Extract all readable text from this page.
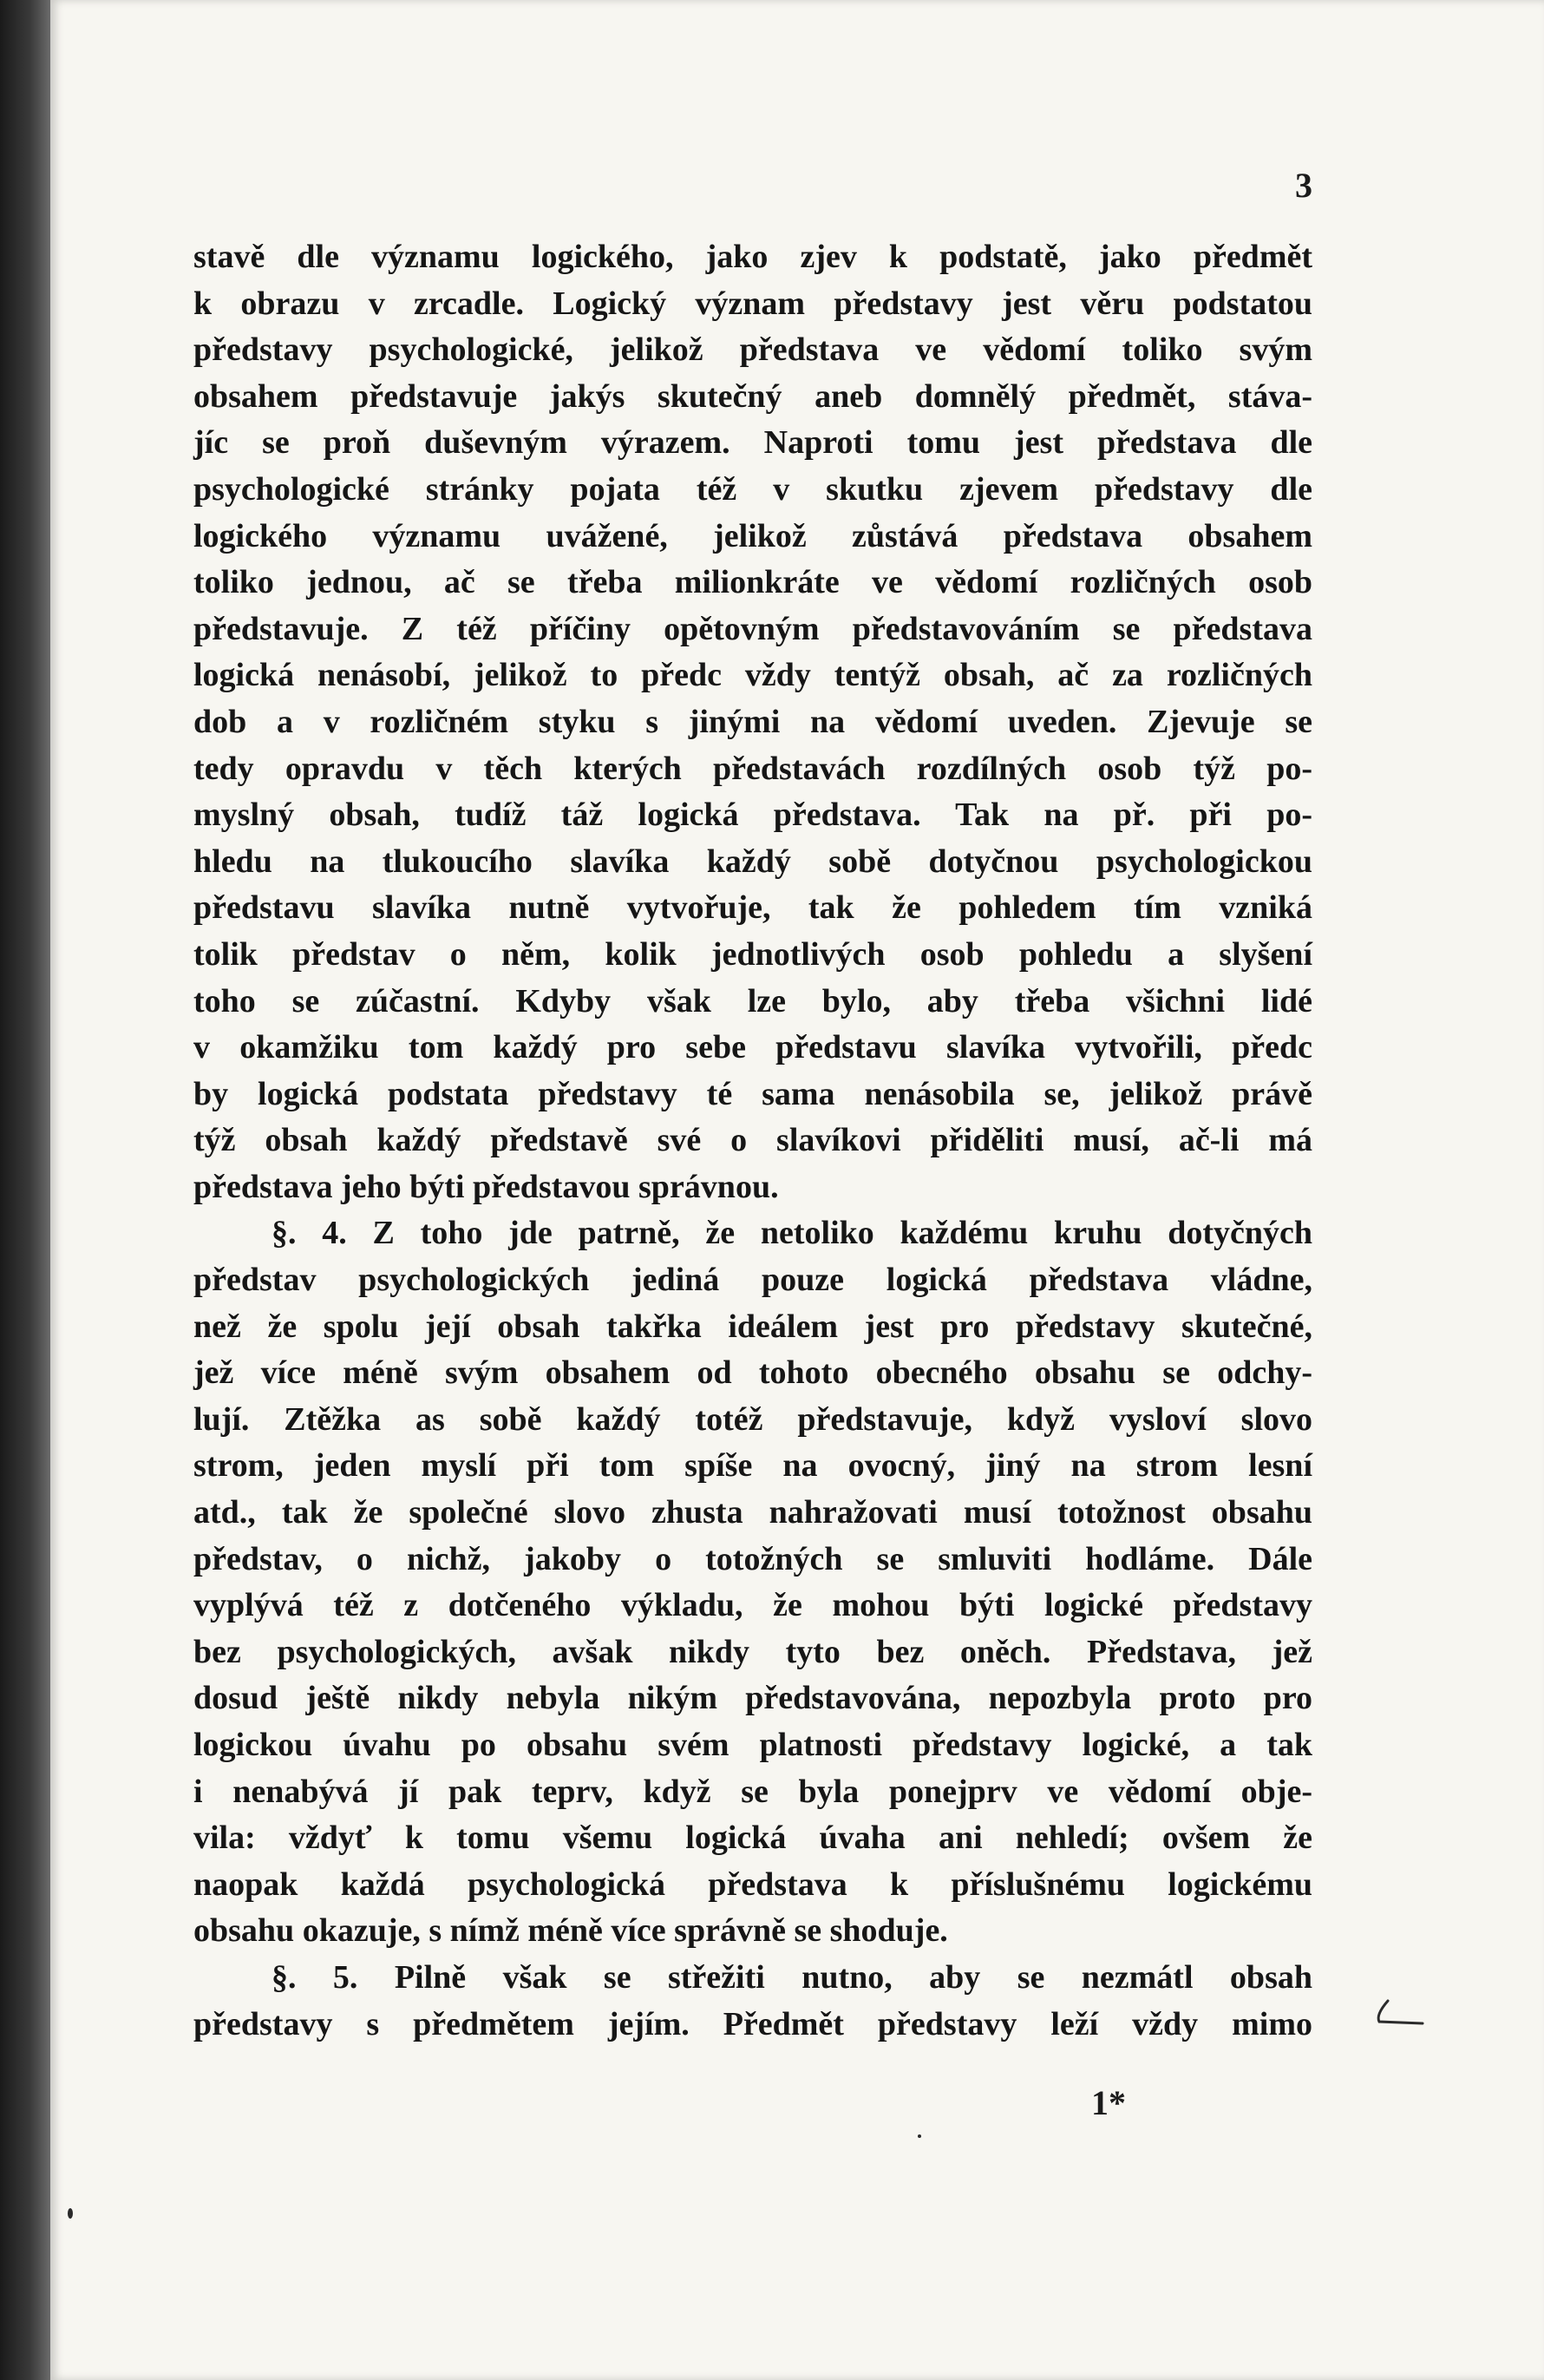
3
stavě dle významu logického, jako zjev k podstatě, jako předmět
k obrazu v zrcadle. Logický význam představy jest věru podstatou
představy psychologické, jelikož představa ve vědomí toliko svým
obsahem představuje jakýs skutečný aneb domnělý předmět, stáva-
jíc se proň duševným výrazem. Naproti tomu jest představa dle
psychologické stránky pojata též v skutku zjevem představy dle
logického významu uvážené, jelikož zůstává představa obsahem
toliko jednou, ač se třeba milionkráte ve vědomí rozličných osob
představuje. Z též příčiny opětovným představováním se představa
logická nenásobí, jelikož to předc vždy tentýž obsah, ač za rozličných
dob a v rozličném styku s jinými na vědomí uveden. Zjevuje se
tedy opravdu v těch kterých představách rozdílných osob týž po-
myslný obsah, tudíž táž logická představa. Tak na př. při po-
hledu na tlukoucího slavíka každý sobě dotyčnou psychologickou
představu slavíka nutně vytvořuje, tak že pohledem tím vzniká
tolik představ o něm, kolik jednotlivých osob pohledu a slyšení
toho se zúčastní. Kdyby však lze bylo, aby třeba všichni lidé
v okamžiku tom každý pro sebe představu slavíka vytvořili, předc
by logická podstata představy té sama nenásobila se, jelikož právě
týž obsah každý představě své o slavíkovi přiděliti musí, ač-li má
představa jeho býti představou správnou.
§. 4. Z toho jde patrně, že netoliko každému kruhu dotyčných
představ psychologických jediná pouze logická představa vládne,
než že spolu její obsah takřka ideálem jest pro představy skutečné,
jež více méně svým obsahem od tohoto obecného obsahu se odchy-
lují. Ztěžka as sobě každý totéž představuje, když vysloví slovo
strom, jeden myslí při tom spíše na ovocný, jiný na strom lesní
atd., tak že společné slovo zhusta nahražovati musí totožnost obsahu
představ, o nichž, jakoby o totožných se smluviti hodláme. Dále
vyplývá též z dotčeného výkladu, že mohou býti logické představy
bez psychologických, avšak nikdy tyto bez oněch. Představa, jež
dosud ještě nikdy nebyla nikým představována, nepozbyla proto pro
logickou úvahu po obsahu svém platnosti představy logické, a tak
i nenabývá jí pak teprv, když se byla ponejprv ve vědomí obje-
vila: vždyť k tomu všemu logická úvaha ani nehledí; ovšem že
naopak každá psychologická představa k příslušnému logickému
obsahu okazuje, s nímž méně více správně se shoduje.
§. 5. Pilně však se střežiti nutno, aby se nezmátl obsah
představy s předmětem jejím. Předmět představy leží vždy mimo
1*
